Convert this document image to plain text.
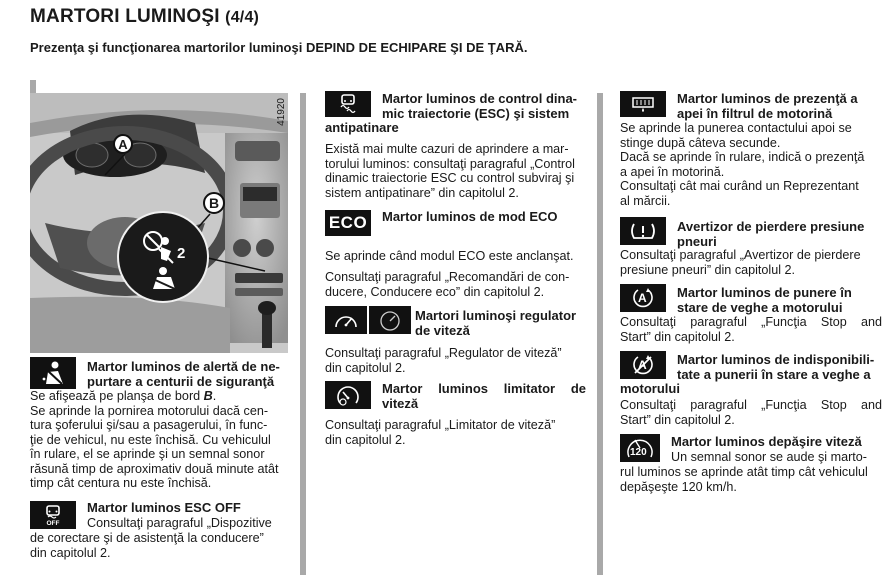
MARTORI LUMINOŞI (4/4)
Prezenţa şi funcţionarea martorilor luminoşi DEPIND DE ECHIPARE ŞI DE ŢARĂ.
A
B
2
41920
Martor luminos de alertă de ne-
purtare a centurii de siguranţă
Se afişează pe planşa de bord B.
Se aprinde la pornirea motorului dacă cen-
tura şoferului şi/sau a pasagerului, în func-
ţie de vehicul, nu este închisă. Cu vehiculul
în rulare, el se aprinde şi un semnal sonor
răsună timp de aproximativ două minute atât
timp cât centura nu este închisă.
OFF
Martor luminos ESC OFF
Consultaţi paragraful „Dispozitive
de corectare şi de asistenţă la conducere”
din capitolul 2.
Martor luminos de control dina-
mic traiectorie (ESC) şi sistem
antipatinare
Există mai multe cazuri de aprindere a mar-
torului luminos: consultaţi paragraful „Control
dinamic traiectorie ESC cu control subviraj şi
sistem antipatinare” din capitolul 2.
ECO Martor luminos de mod ECO
Se aprinde când modul ECO este anclanşat.
Consultaţi paragraful „Recomandări de con-
ducere, Conducere eco” din capitolul 2.
Martori luminoşi regulator
de viteză
Consultaţi paragraful „Regulator de viteză”
din capitolul 2.
Martor luminos limitator de
viteză
Consultaţi paragraful „Limitator de viteză”
din capitolul 2.
Martor luminos de prezenţă a
apei în filtrul de motorină
Se aprinde la punerea contactului apoi se
stinge după câteva secunde.
Dacă se aprinde în rulare, indică o prezenţă
a apei în motorină.
Consultaţi cât mai curând un Reprezentant
al mărcii.
Avertizor de pierdere presiune
pneuri
Consultaţi paragraful „Avertizor de pierdere
presiune pneuri” din capitolul 2.
A Martor luminos de punere în
stare de veghe a motorului
Consultaţi paragraful „Funcţia Stop and
Start” din capitolul 2.
A Martor luminos de indisponibili-
tate a punerii în stare a veghe a
motorului
Consultaţi paragraful „Funcţia Stop and
Start” din capitolul 2.
120
Martor luminos depăşire viteză
Un semnal sonor se aude şi marto-
rul luminos se aprinde atât timp cât vehiculul
depăşeşte 120 km/h.
